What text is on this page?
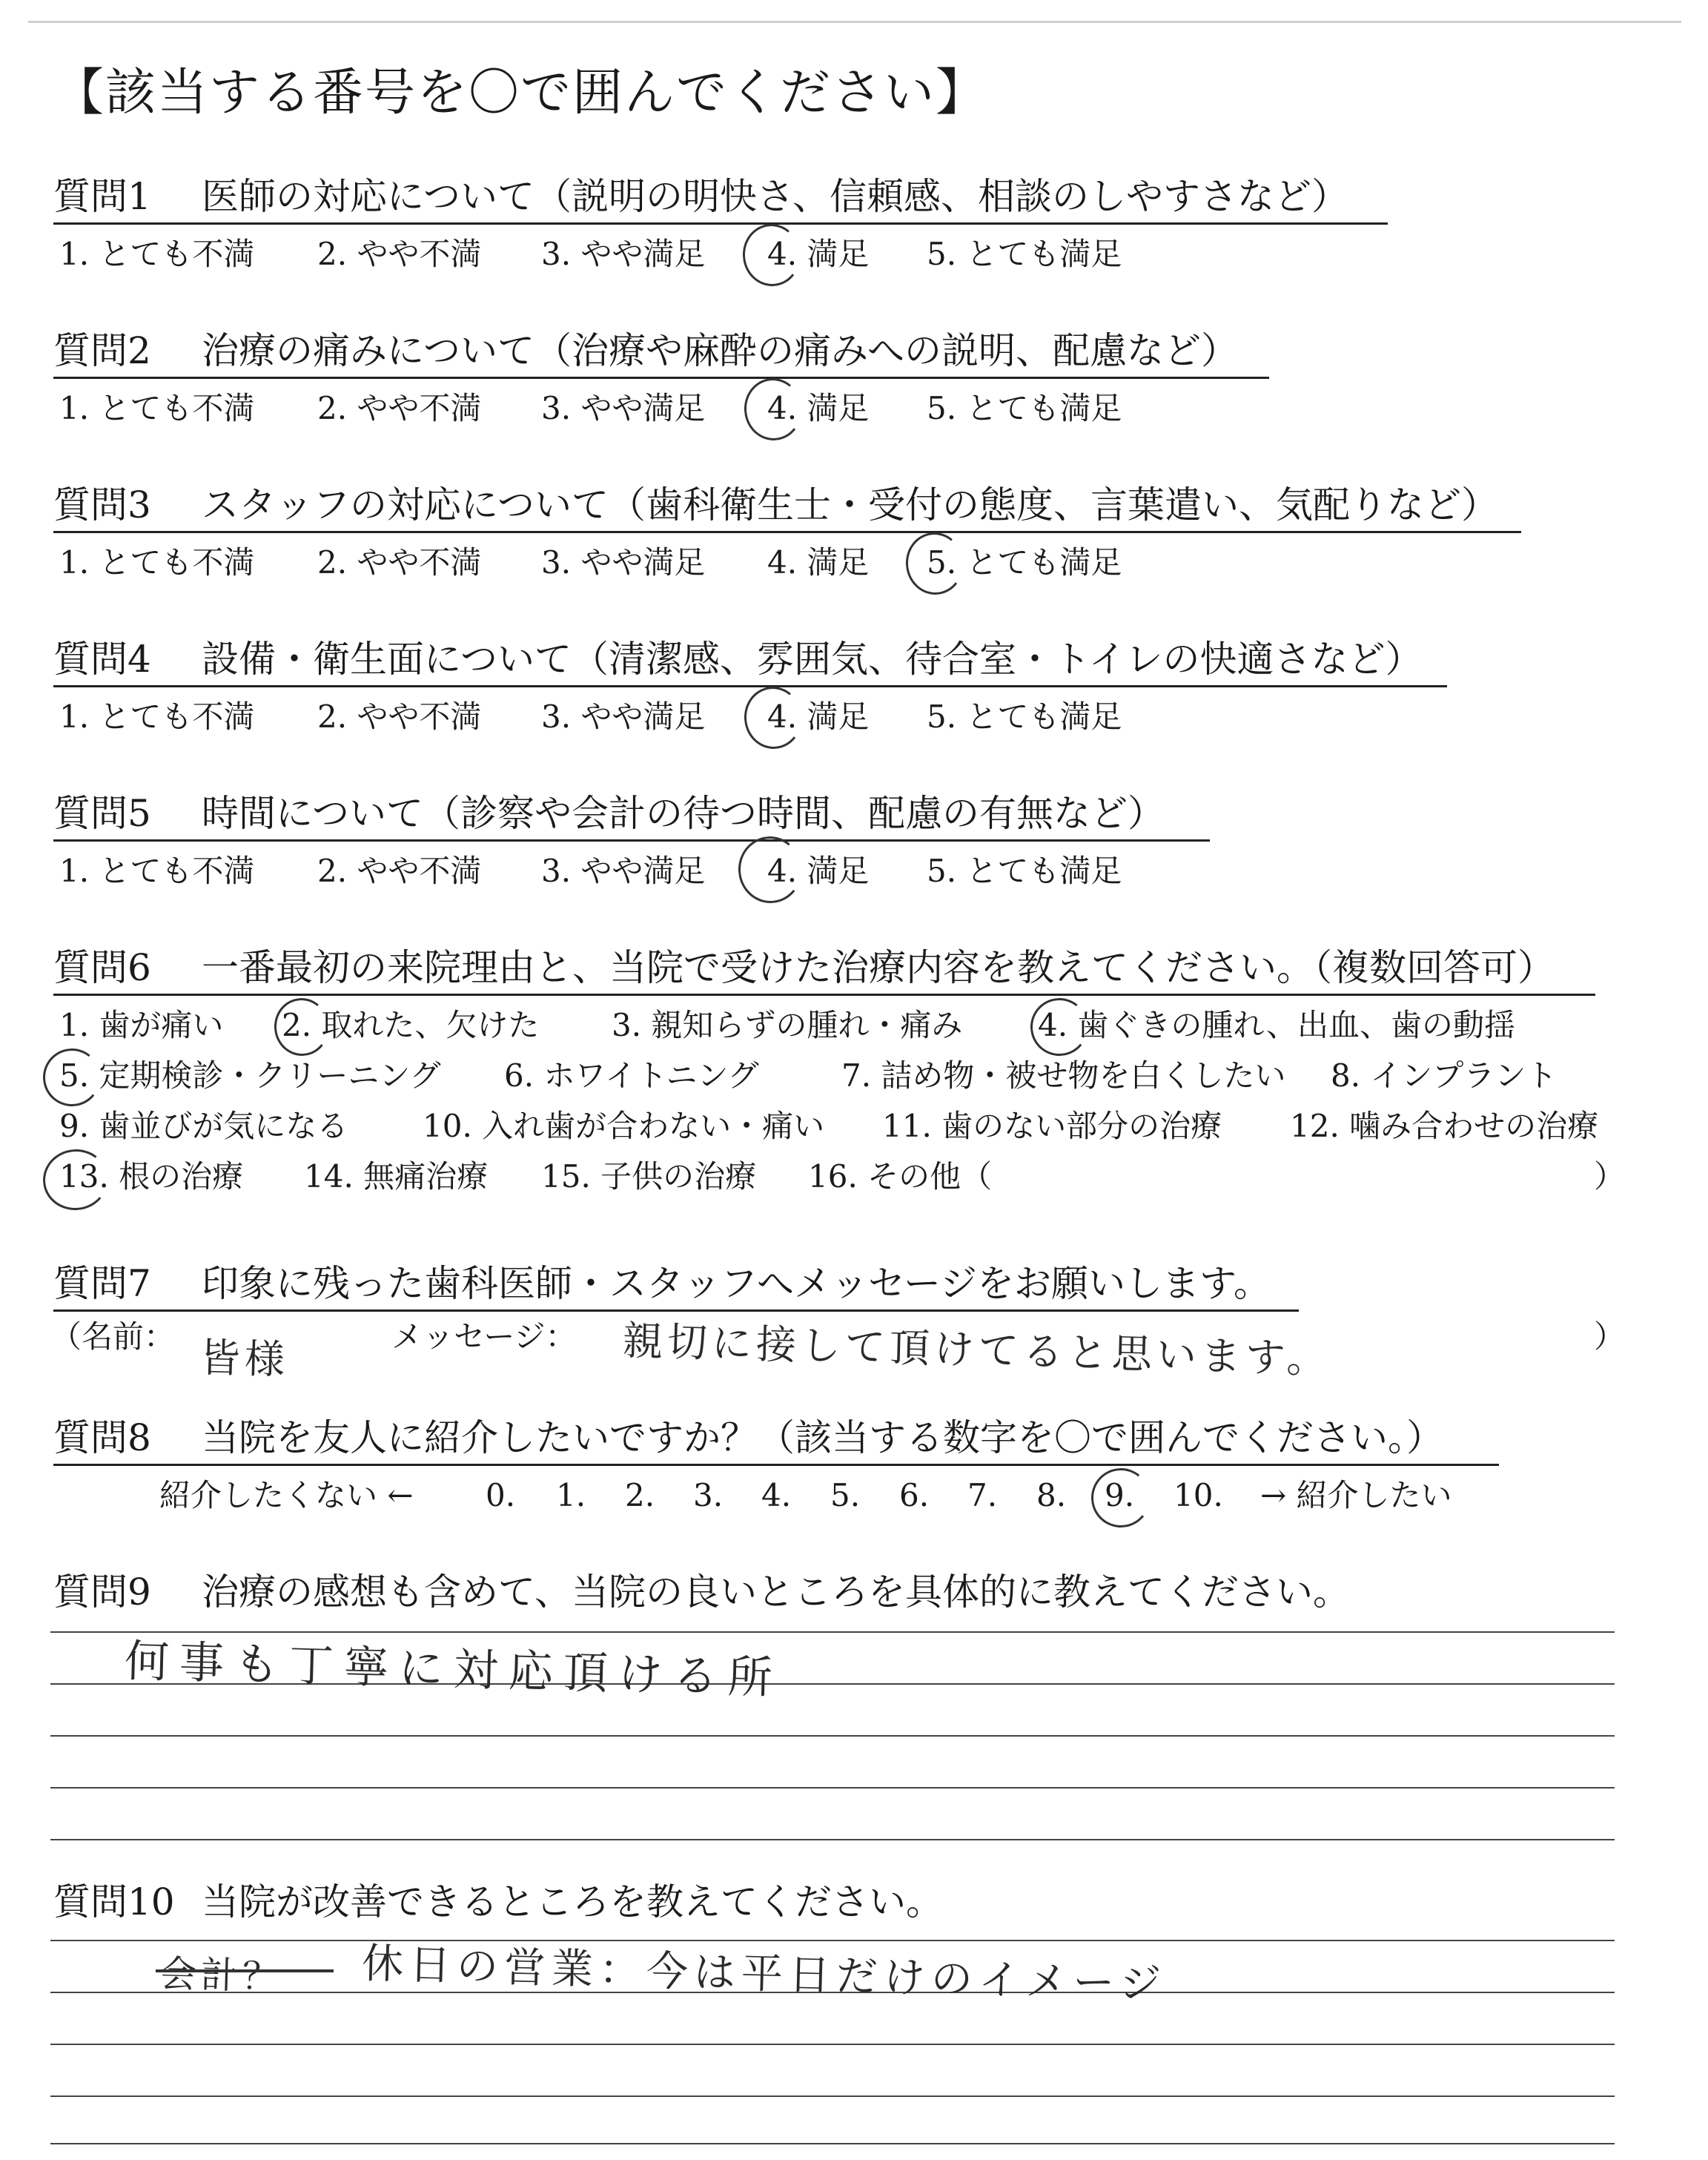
【該当する番号を〇で囲んでください】
質問1 医師の対応について（説明の明快さ、信頼感、相談のしやすさなど）
1. とても不満 2. やや不満 3. やや満足 4. 満足 5. とても満足
質問2 治療の痛みについて（治療や麻酔の痛みへの説明、配慮など）
1. とても不満 2. やや不満 3. やや満足 4. 満足 5. とても満足
質問3 スタッフの対応について（歯科衛生士・受付の態度、言葉遣い、気配りなど）
1. とても不満 2. やや不満 3. やや満足 4. 満足 5. とても満足
質問4 設備・衛生面について（清潔感、雰囲気、待合室・トイレの快適さなど）
1. とても不満 2. やや不満 3. やや満足 4. 満足 5. とても満足
質問5 時間について（診察や会計の待つ時間、配慮の有無など）
1. とても不満 2. やや不満 3. やや満足 4. 満足 5. とても満足
質問6 一番最初の来院理由と、当院で受けた治療内容を教えてください。（複数回答可）
1. 歯が痛い 2. 取れた、欠けた 3. 親知らずの腫れ・痛み 4. 歯ぐきの腫れ、出血、歯の動揺
5. 定期検診・クリーニング 6. ホワイトニング	7. 詰め物・被せ物を白くしたい 8. インプラント
9. 歯並びが気になる 10. 入れ歯が合わない・痛い 11. 歯のない部分の治療 12. 噛み合わせの治療
13. 根の治療 14. 無痛治療 15. 子供の治療 16. その他（	）
質問7 印象に残った歯科医師・スタッフへメッセージをお願いします。
（名前：	メッセージ：	）
皆様	親切に接して頂けてると思います。
質問8 当院を友人に紹介したいですか？（該当する数字を〇で囲んでください。）
紹介したくない ← 0. 1. 2. 3. 4. 5. 6. 7. 8. 9. 10. → 紹介したい
質問9 治療の感想も含めて、当院の良いところを具体的に教えてください。
何事も丁寧に対応頂ける所
質問10 当院が改善できるところを教えてください。
会計？ 休日の営業：今は平日だけのイメージ
